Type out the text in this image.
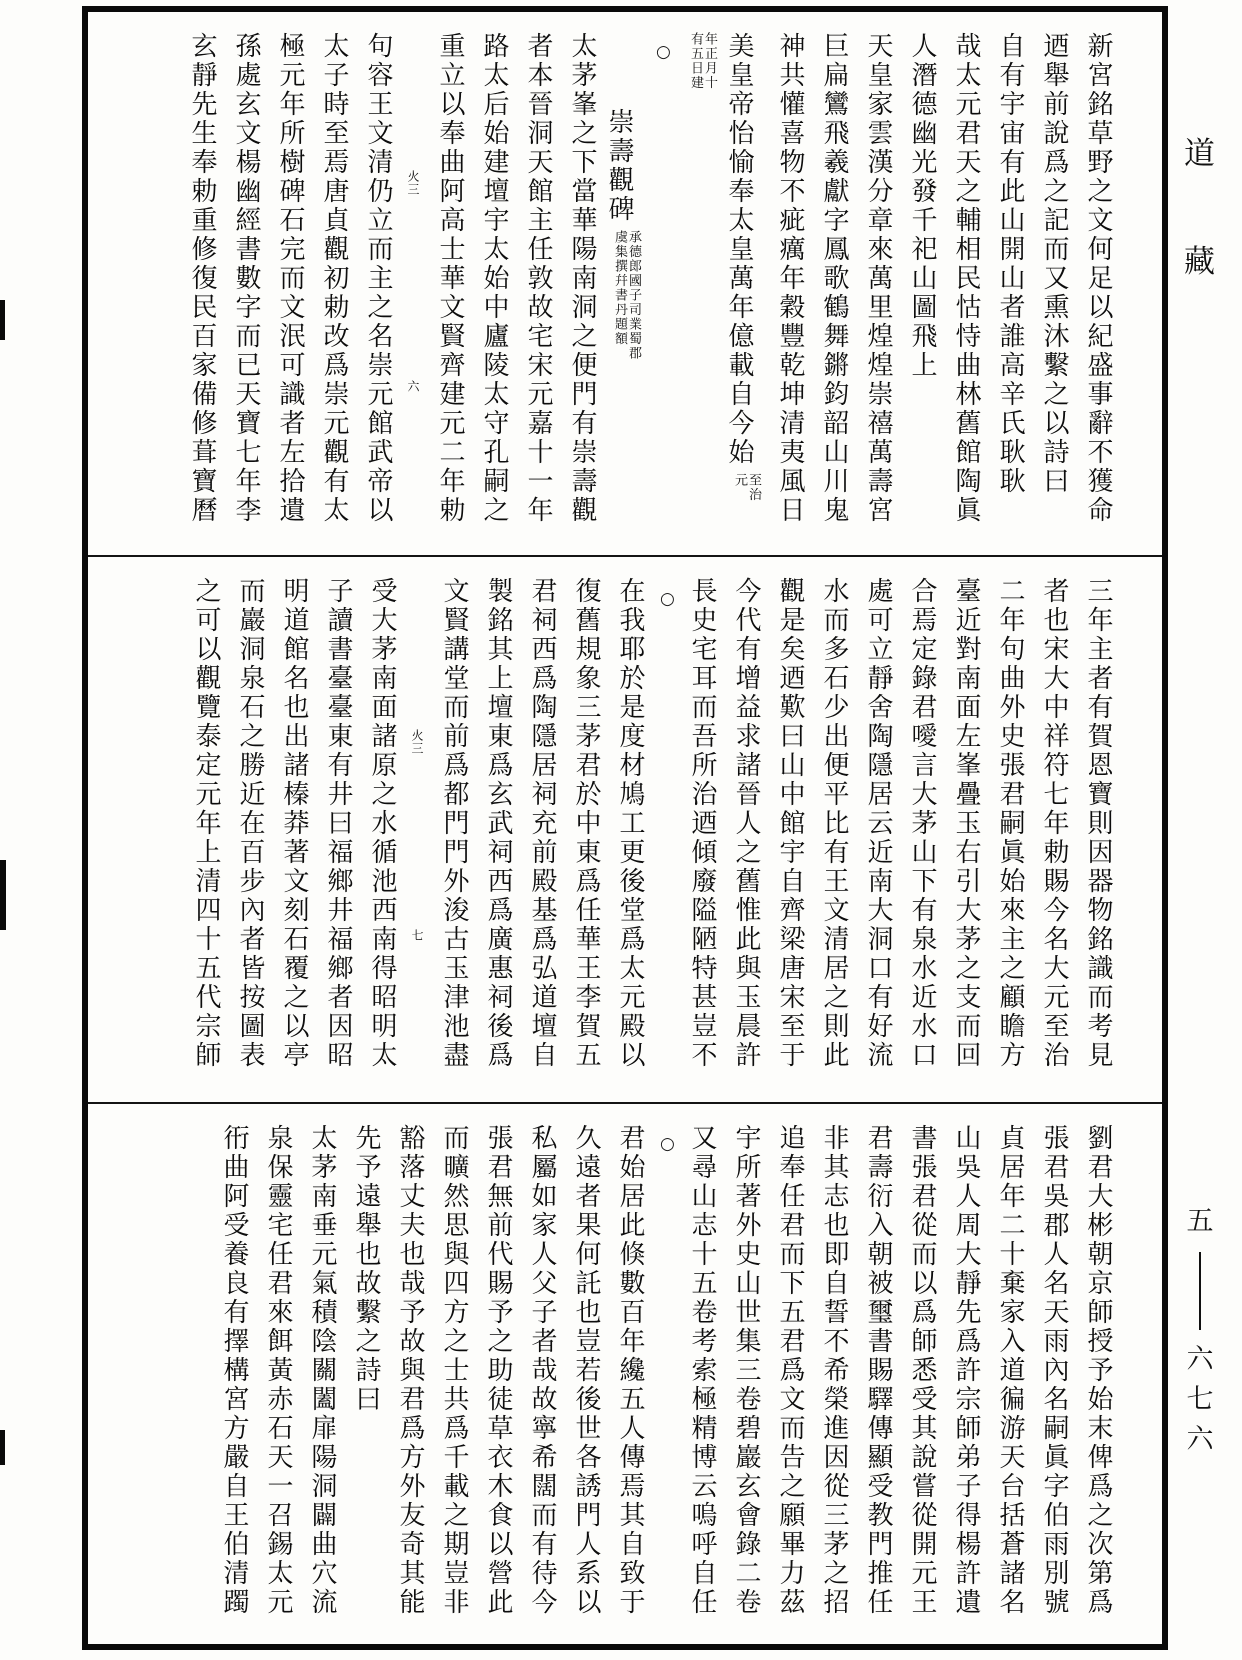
新宮銘草野之文何足以紀盛事辭不獲命
迺舉前說爲之記而又熏沐繫之以詩曰
自有宇宙有此山開山者誰高辛氏耿耿
哉太元君天之輔相民怙恃曲林舊館陶眞
人潛德幽光發千祀山圖飛上
天皇家雲漢分章來萬里煌煌崇禧萬壽宮
巨扁鸞飛羲獻字鳳歌鶴舞鏘鈞韶山川鬼
神共懽喜物不疵癘年穀豐乾坤清夷風日
美皇帝怡愉奉太皇萬年億載自今始
至治
元
年正月十
有五日建
○
崇壽觀碑
承德郎國子司業蜀郡
虞集撰幷書丹題額
太茅峯之下當華陽南洞之便門有崇壽觀
者本晉洞天館主任敦故宅宋元嘉十一年
路太后始建壇宇太始中廬陵太守孔嗣之
重立以奉曲阿高士華文賢齊建元二年勅
火三
六
句容王文清仍立而主之名崇元館武帝以
太子時至焉唐貞觀初勅改爲崇元觀有太
極元年所樹碑石完而文泯可識者左拾遺
孫處玄文楊幽經書數字而已天寶七年李
玄靜先生奉勅重修復民百家備修葺寶曆
三年主者有賀恩寶則因器物銘識而考見
者也宋大中祥符七年勅賜今名大元至治
二年句曲外史張君嗣眞始來主之顧瞻方
臺近對南面左峯疊玉右引大茅之支而回
合焉定錄君噯言大茅山下有泉水近水口
處可立靜舍陶隱居云近南大洞口有好流
水而多石少出便平比有王文清居之則此
觀是矣迺歎曰山中館宇自齊梁唐宋至于
今代有增益求諸晉人之舊惟此與玉晨許
長史宅耳而吾所治迺傾廢隘陋特甚豈不
○
在我耶於是度材鳩工更後堂爲太元殿以
復舊規象三茅君於中東爲任華王李賀五
君祠西爲陶隱居祠充前殿基爲弘道壇自
製銘其上壇東爲玄武祠西爲廣惠祠後爲
文賢講堂而前爲都門門外浚古玉津池盡
火三
七
受大茅南面諸原之水循池西南得昭明太
子讀書臺臺東有井曰福鄉井福鄉者因昭
明道館名也出諸榛莽著文刻石覆之以亭
而巖洞泉石之勝近在百步內者皆按圖表
之可以觀覽泰定元年上清四十五代宗師
劉君大彬朝京師授予始末俾爲之次第爲
張君吳郡人名天雨內名嗣眞字伯雨別號
貞居年二十棄家入道徧游天台括蒼諸名
山吳人周大靜先爲許宗師弟子得楊許遺
書張君從而以爲師悉受其說嘗從開元王
君壽衍入朝被璽書賜驛傳顯受教門推任
非其志也即自誓不希榮進因從三茅之招
追奉任君而下五君爲文而告之願畢力茲
宇所著外史山世集三卷碧巖玄會錄二卷
又尋山志十五卷考索極精博云嗚呼自任
○
君始居此倏數百年纔五人傳焉其自致于
久遠者果何託也豈若後世各誘門人系以
私屬如家人父子者哉故寧希闊而有待今
張君無前代賜予之助徒草衣木食以營此
而曠然思與四方之士共爲千載之期豈非
豁落丈夫也哉予故與君爲方外友奇其能
先予遠舉也故繫之詩曰
太茅南垂元氣積陰關闔扉陽洞闢曲穴流
泉保靈宅任君來餌黃赤石天一召錫太元
衎曲阿受養良有擇構宮方嚴自王伯清躅
道
藏
五
六
七
六
